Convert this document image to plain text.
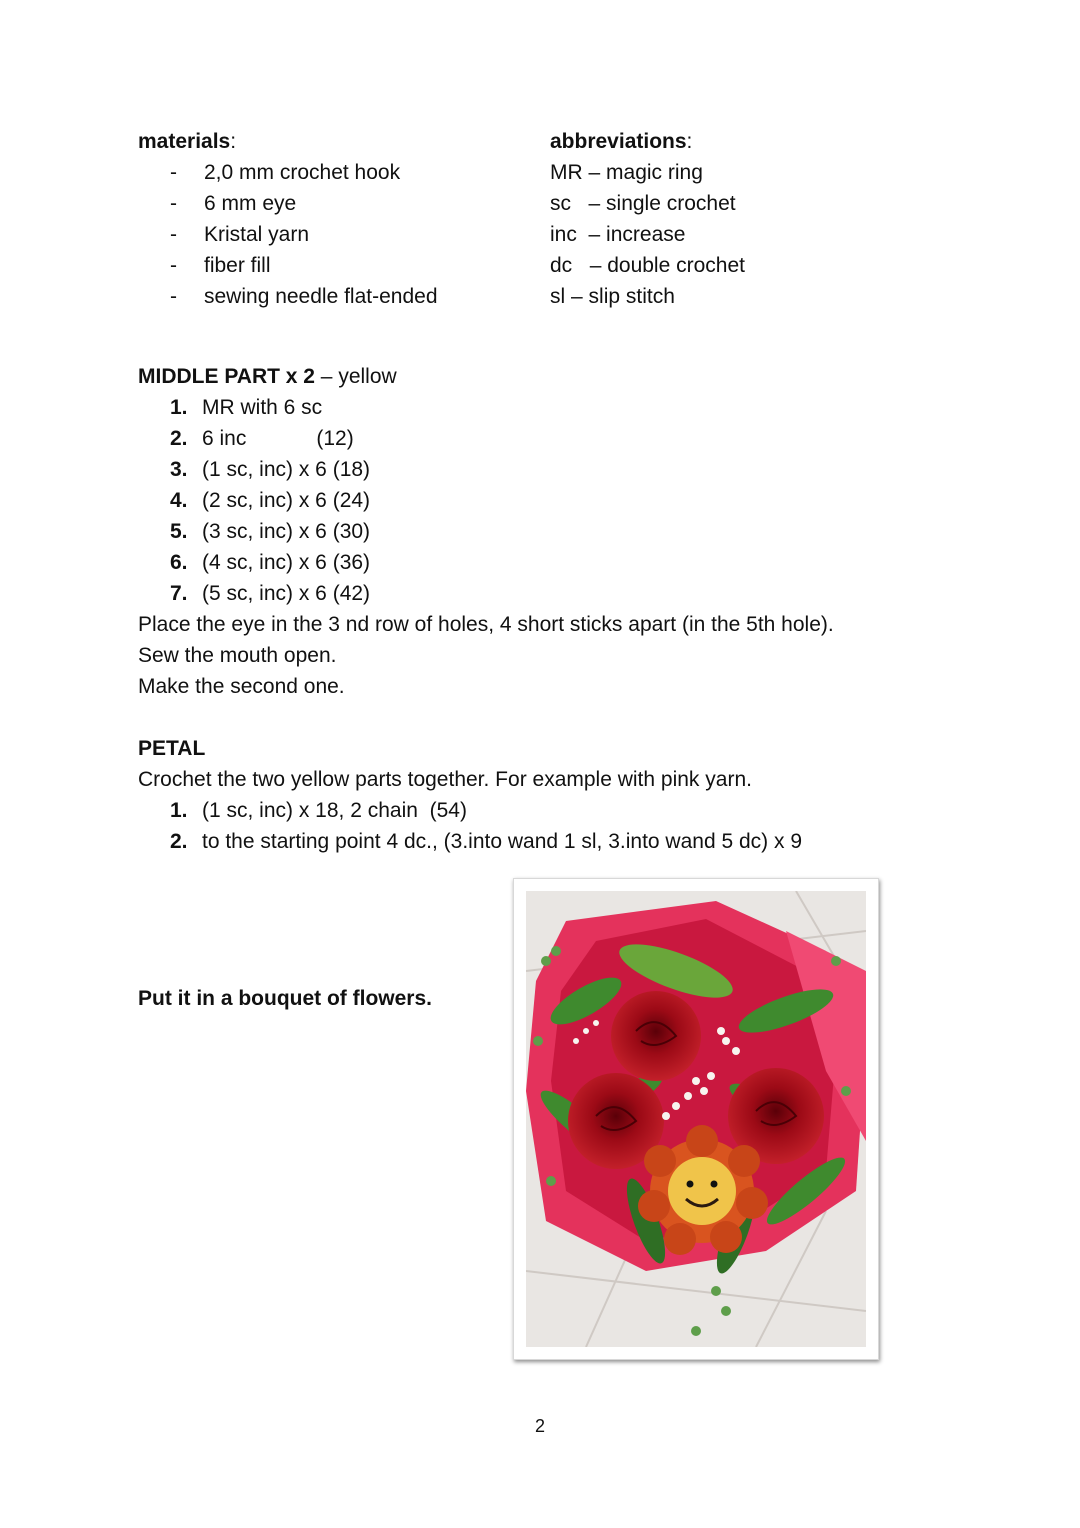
materials :
-	2,0 mm crochet hook
-	6 mm eye
-	Kristal yarn
-	fiber fill
-	sewing needle flat-ended
abbreviations :
MR – magic ring
sc – single crochet
inc – increase
dc – double crochet
sl – slip stitch
MIDDLE PART x 2 – yellow
1. MR with 6 sc
2. 6 inc            (12)
3. (1 sc, inc) x 6 (18)
4. (2 sc, inc) x 6 (24)
5. (3 sc, inc) x 6 (30)
6. (4 sc, inc) x 6 (36)
7. (5 sc, inc) x 6 (42)
Place the eye in the 3 nd row of holes, 4 short sticks apart (in the 5th hole).
Sew the mouth open.
Make the second one.
PETAL
Crochet the two yellow parts together. For example with pink yarn.
1. (1 sc, inc) x 18, 2 chain  (54)
2. to the starting point 4 dc., (3.into wand 1 sl, 3.into wand 5 dc) x 9
Put it in a bouquet of flowers.
2
